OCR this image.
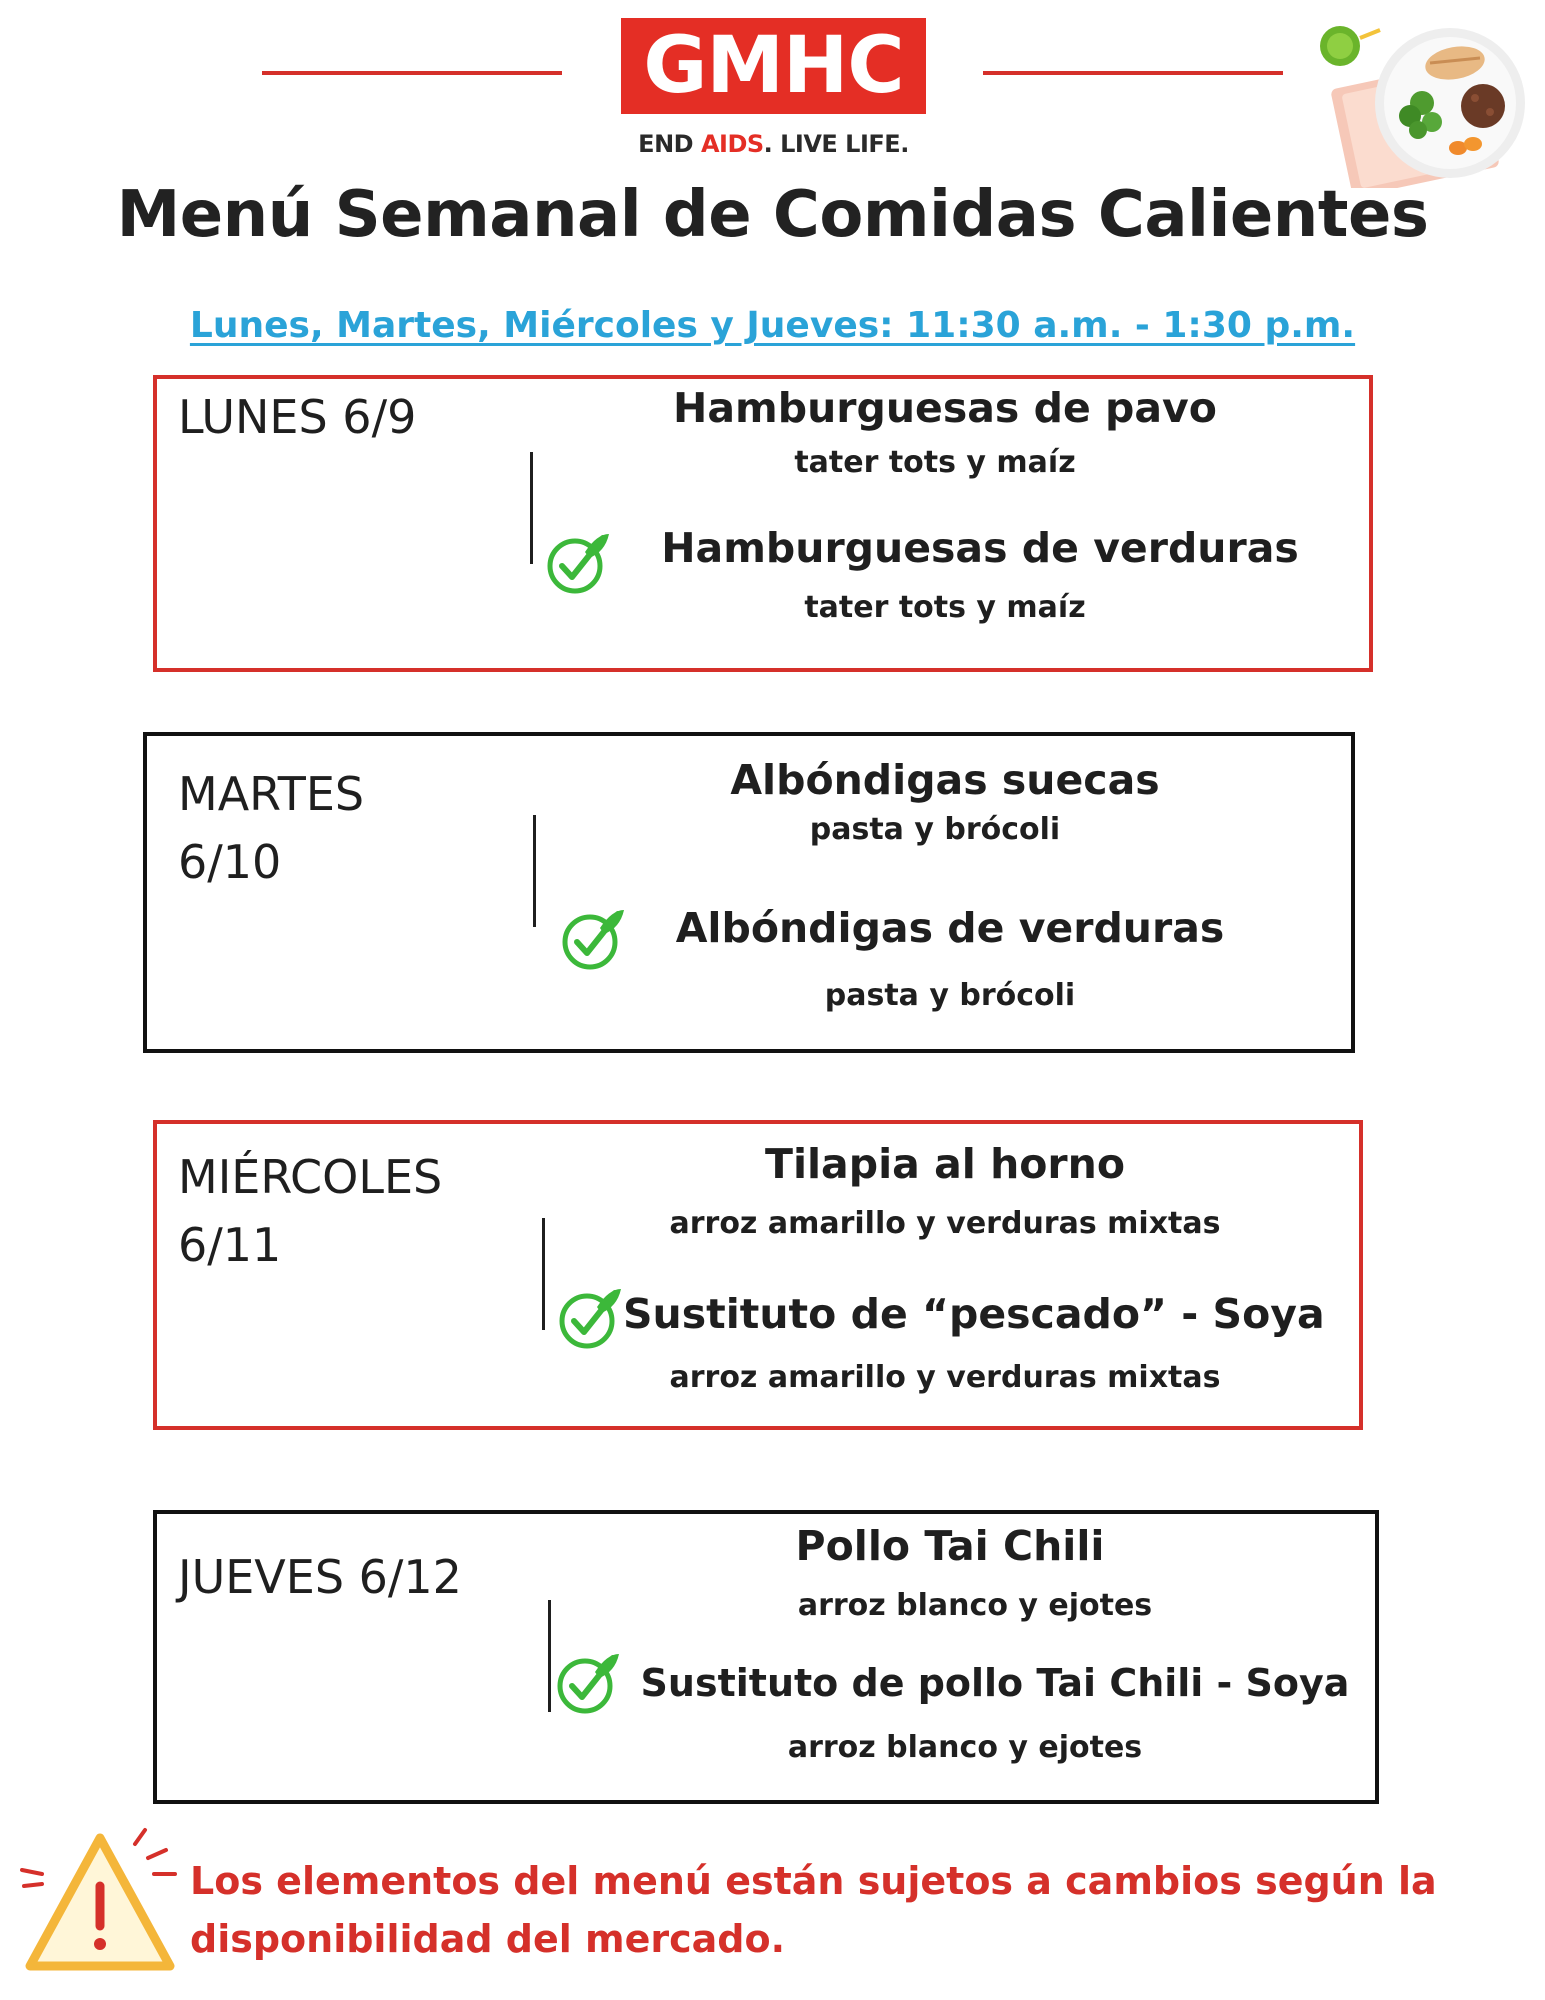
GMHC
END AIDS. LIVE LIFE.
Menú Semanal de Comidas Calientes
Lunes, Martes, Miércoles y Jueves: 11:30 a.m. - 1:30 p.m.
LUNES 6/9	Hamburguesas de pavo
tater tots y maíz
Hamburguesas de verduras
tater tots y maíz
MARTES
6/10
Albóndigas suecas
pasta y brócoli
Albóndigas de verduras
pasta y brócoli
MIÉRCOLES
6/11
Tilapia al horno
arroz amarillo y verduras mixtas
Sustituto de “pescado” - Soya
arroz amarillo y verduras mixtas
JUEVES 6/12
Pollo Tai Chili
arroz blanco y ejotes
Sustituto de pollo Tai Chili - Soya
arroz blanco y ejotes
Los elementos del menú están sujetos a cambios según la disponibilidad del mercado.
